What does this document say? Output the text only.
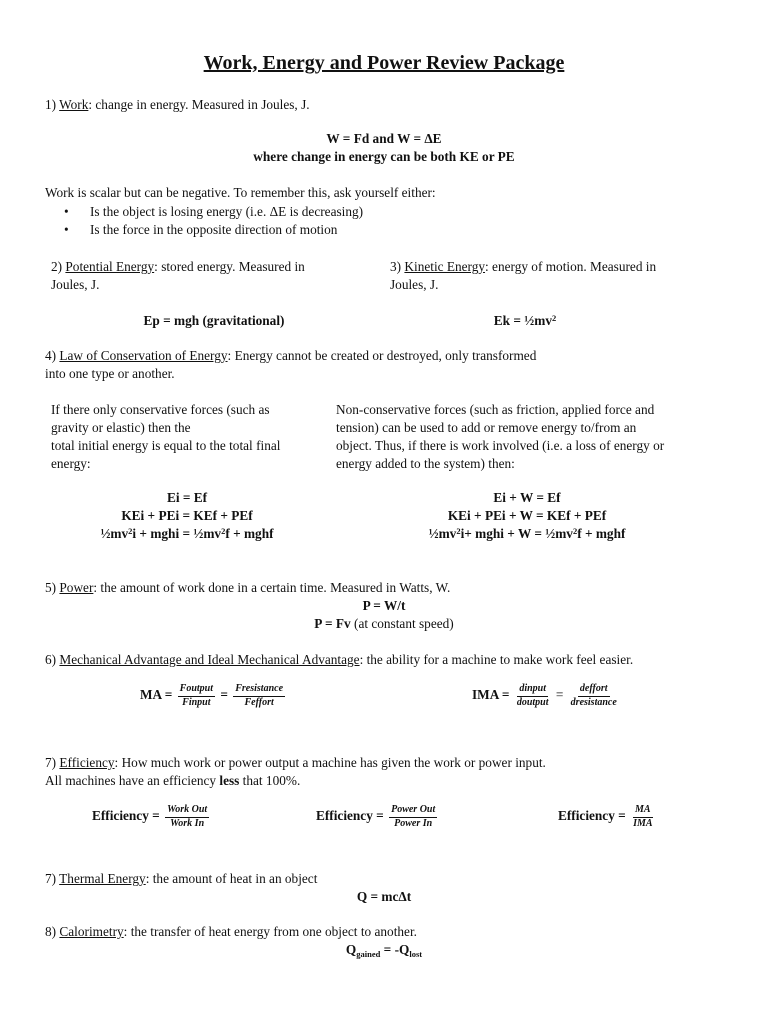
Work, Energy and Power Review Package
1) Work: change in energy. Measured in Joules, J.
W = Fd and W = ΔE
where change in energy can be both KE or PE
Work is scalar but can be negative. To remember this, ask yourself either:
• Is the object is losing energy (i.e. ΔE is decreasing)
• Is the force in the opposite direction of motion
2) Potential Energy: stored energy. Measured in
Joules, J.
Ep = mgh (gravitational)
3) Kinetic Energy: energy of motion. Measured in
Joules, J.
$Ek = \frac{1}{2}mv^2$
4) Law of Conservation of Energy: Energy cannot be created or destroyed, only transformed
into one type or another.
If there only conservative forces (such as
gravity or elastic) then the
total initial energy is equal to the total final
energy:
Non-conservative forces (such as friction, applied force and
tension) can be used to add or remove energy to/from an
object. Thus, if there is work involved (i.e. a loss of energy or
energy added to the system) then:
Ei = Ef
KEi + PEi = KEf + PEf
$\frac{1}{2}mv^2i$ + mghi = $\frac{1}{2}mv^2f$ + mghf
Ei + W = Ef
KEi + PEi + W = KEf + PEf
$\frac{1}{2}mv^2i+$ mghi + $W = \frac{1}{2}mv^2f$ + mghf
5) Power: the amount of work done in a certain time. Measured in Watts, W.
P = W/t
P = Fv (at constant speed)
6) Mechanical Advantage and Ideal Mechanical Advantage: the ability for a machine to make work feel easier.
MA = $\frac{\text{Foutput}}{\text{Finput}} = \frac{\text{Fresistance}}{\text{Feffort}}$	IMA = $\frac{\text{dinput}}{\text{doutput}} = \frac{\text{deffort}}{\text{dresistance}}$
7) Efficiency: How much work or power output a machine has given the work or power input.
All machines have an efficiency less that 100%.
Efficiency = $\frac{\text{Work Out}}{\text{Work In}}$	Efficiency = $\frac{\text{Power Out}}{\text{Power In}}$	Efficiency = $\frac{MA}{\text{IMA}}$
7) Thermal Energy: the amount of heat in an object
Q = mcΔt
8) Calorimetry: the transfer of heat energy from one object to another.
$Q_{gained} = -Q_{lost}$
